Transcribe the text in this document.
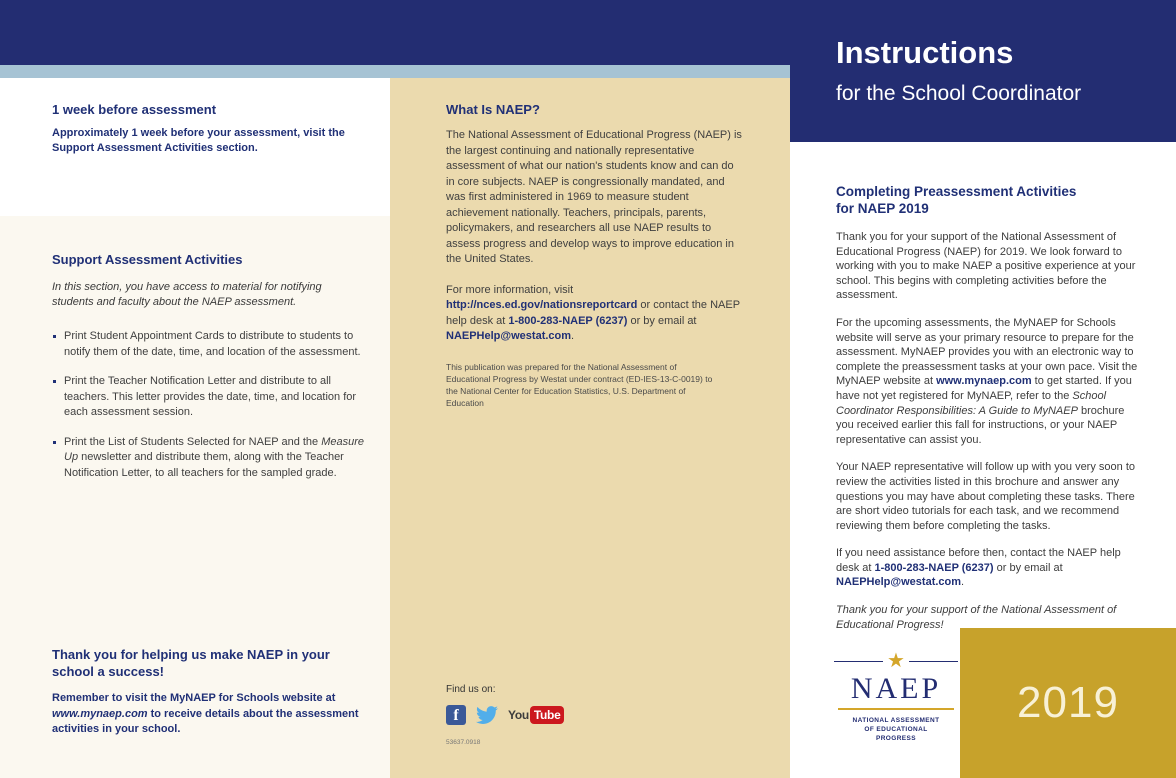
1 week before assessment
Approximately 1 week before your assessment, visit the Support Assessment Activities section.
Support Assessment Activities
In this section, you have access to material for notifying students and faculty about the NAEP assessment.
Print Student Appointment Cards to distribute to students to notify them of the date, time, and location of the assessment.
Print the Teacher Notification Letter and distribute to all teachers. This letter provides the date, time, and location for each assessment session.
Print the List of Students Selected for NAEP and the Measure Up newsletter and distribute them, along with the Teacher Notification Letter, to all teachers for the sampled grade.
Thank you for helping us make NAEP in your school a success!
Remember to visit the MyNAEP for Schools website at www.mynaep.com to receive details about the assessment activities in your school.
What Is NAEP?
The National Assessment of Educational Progress (NAEP) is the largest continuing and nationally representative assessment of what our nation's students know and can do in core subjects. NAEP is congressionally mandated, and was first administered in 1969 to measure student achievement nationally. Teachers, principals, parents, policymakers, and researchers all use NAEP results to assess progress and develop ways to improve education in the United States.
For more information, visit http://nces.ed.gov/nationsreportcard or contact the NAEP help desk at 1-800-283-NAEP (6237) or by email at NAEPHelp@westat.com.
This publication was prepared for the National Assessment of Educational Progress by Westat under contract (ED-IES-13-C-0019) to the National Center for Education Statistics, U.S. Department of Education
Find us on:
f	You Tube
53637.0918
Instructions
for the School Coordinator
Completing Preassessment Activities
for NAEP 2019
Thank you for your support of the National Assessment of Educational Progress (NAEP) for 2019. We look forward to working with you to make NAEP a positive experience at your school. This begins with completing activities before the assessment.
For the upcoming assessments, the MyNAEP for Schools website will serve as your primary resource to prepare for the assessment. MyNAEP provides you with an electronic way to complete the preassessment tasks at your own pace. Visit the MyNAEP website at www.mynaep.com to get started. If you have not yet registered for MyNAEP, refer to the School Coordinator Responsibilities: A Guide to MyNAEP brochure you received earlier this fall for instructions, or your NAEP representative can assist you.
Your NAEP representative will follow up with you very soon to review the activities listed in this brochure and answer any questions you may have about completing these tasks. There are short video tutorials for each task, and we recommend reviewing them before completing the tasks.
If you need assistance before then, contact the NAEP help desk at 1-800-283-NAEP (6237) or by email at NAEPHelp@westat.com.
Thank you for your support of the National Assessment of Educational Progress!
★
NAEP
NATIONAL ASSESSMENT
OF EDUCATIONAL
PROGRESS
2019
